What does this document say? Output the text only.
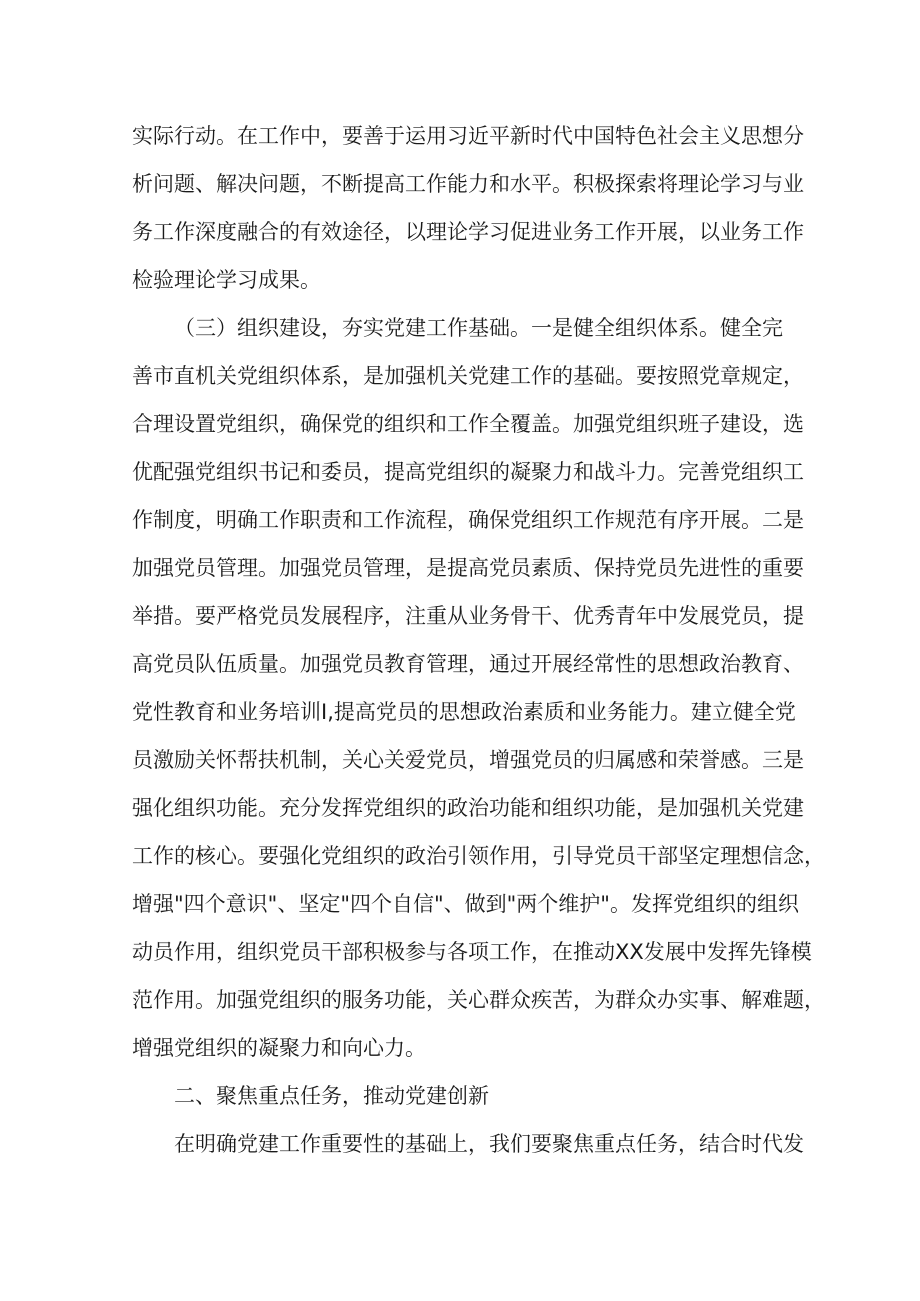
实际行动。在工作中，要善于运用习近平新时代中国特色社会主义思想分
析问题、解决问题，不断提高工作能力和水平。积极探索将理论学习与业
务工作深度融合的有效途径，以理论学习促进业务工作开展，以业务工作
检验理论学习成果。
（三）组织建设，夯实党建工作基础。一是健全组织体系。健全完
善市直机关党组织体系，是加强机关党建工作的基础。要按照党章规定，
合理设置党组织，确保党的组织和工作全覆盖。加强党组织班子建设，选
优配强党组织书记和委员，提高党组织的凝聚力和战斗力。完善党组织工
作制度，明确工作职责和工作流程，确保党组织工作规范有序开展。二是
加强党员管理。加强党员管理，是提高党员素质、保持党员先进性的重要
举措。要严格党员发展程序，注重从业务骨干、优秀青年中发展党员，提
高党员队伍质量。加强党员教育管理，通过开展经常性的思想政治教育、
党性教育和业务培训I,提高党员的思想政治素质和业务能力。建立健全党
员激励关怀帮扶机制，关心关爱党员，增强党员的归属感和荣誉感。三是
强化组织功能。充分发挥党组织的政治功能和组织功能，是加强机关党建
工作的核心。要强化党组织的政治引领作用，引导党员干部坚定理想信念，
增强"四个意识"、坚定"四个自信"、做到"两个维护"。发挥党组织的组织
动员作用，组织党员干部积极参与各项工作，在推动XX发展中发挥先锋模
范作用。加强党组织的服务功能，关心群众疾苦，为群众办实事、解难题，
增强党组织的凝聚力和向心力。
二、聚焦重点任务，推动党建创新
在明确党建工作重要性的基础上，我们要聚焦重点任务，结合时代发
